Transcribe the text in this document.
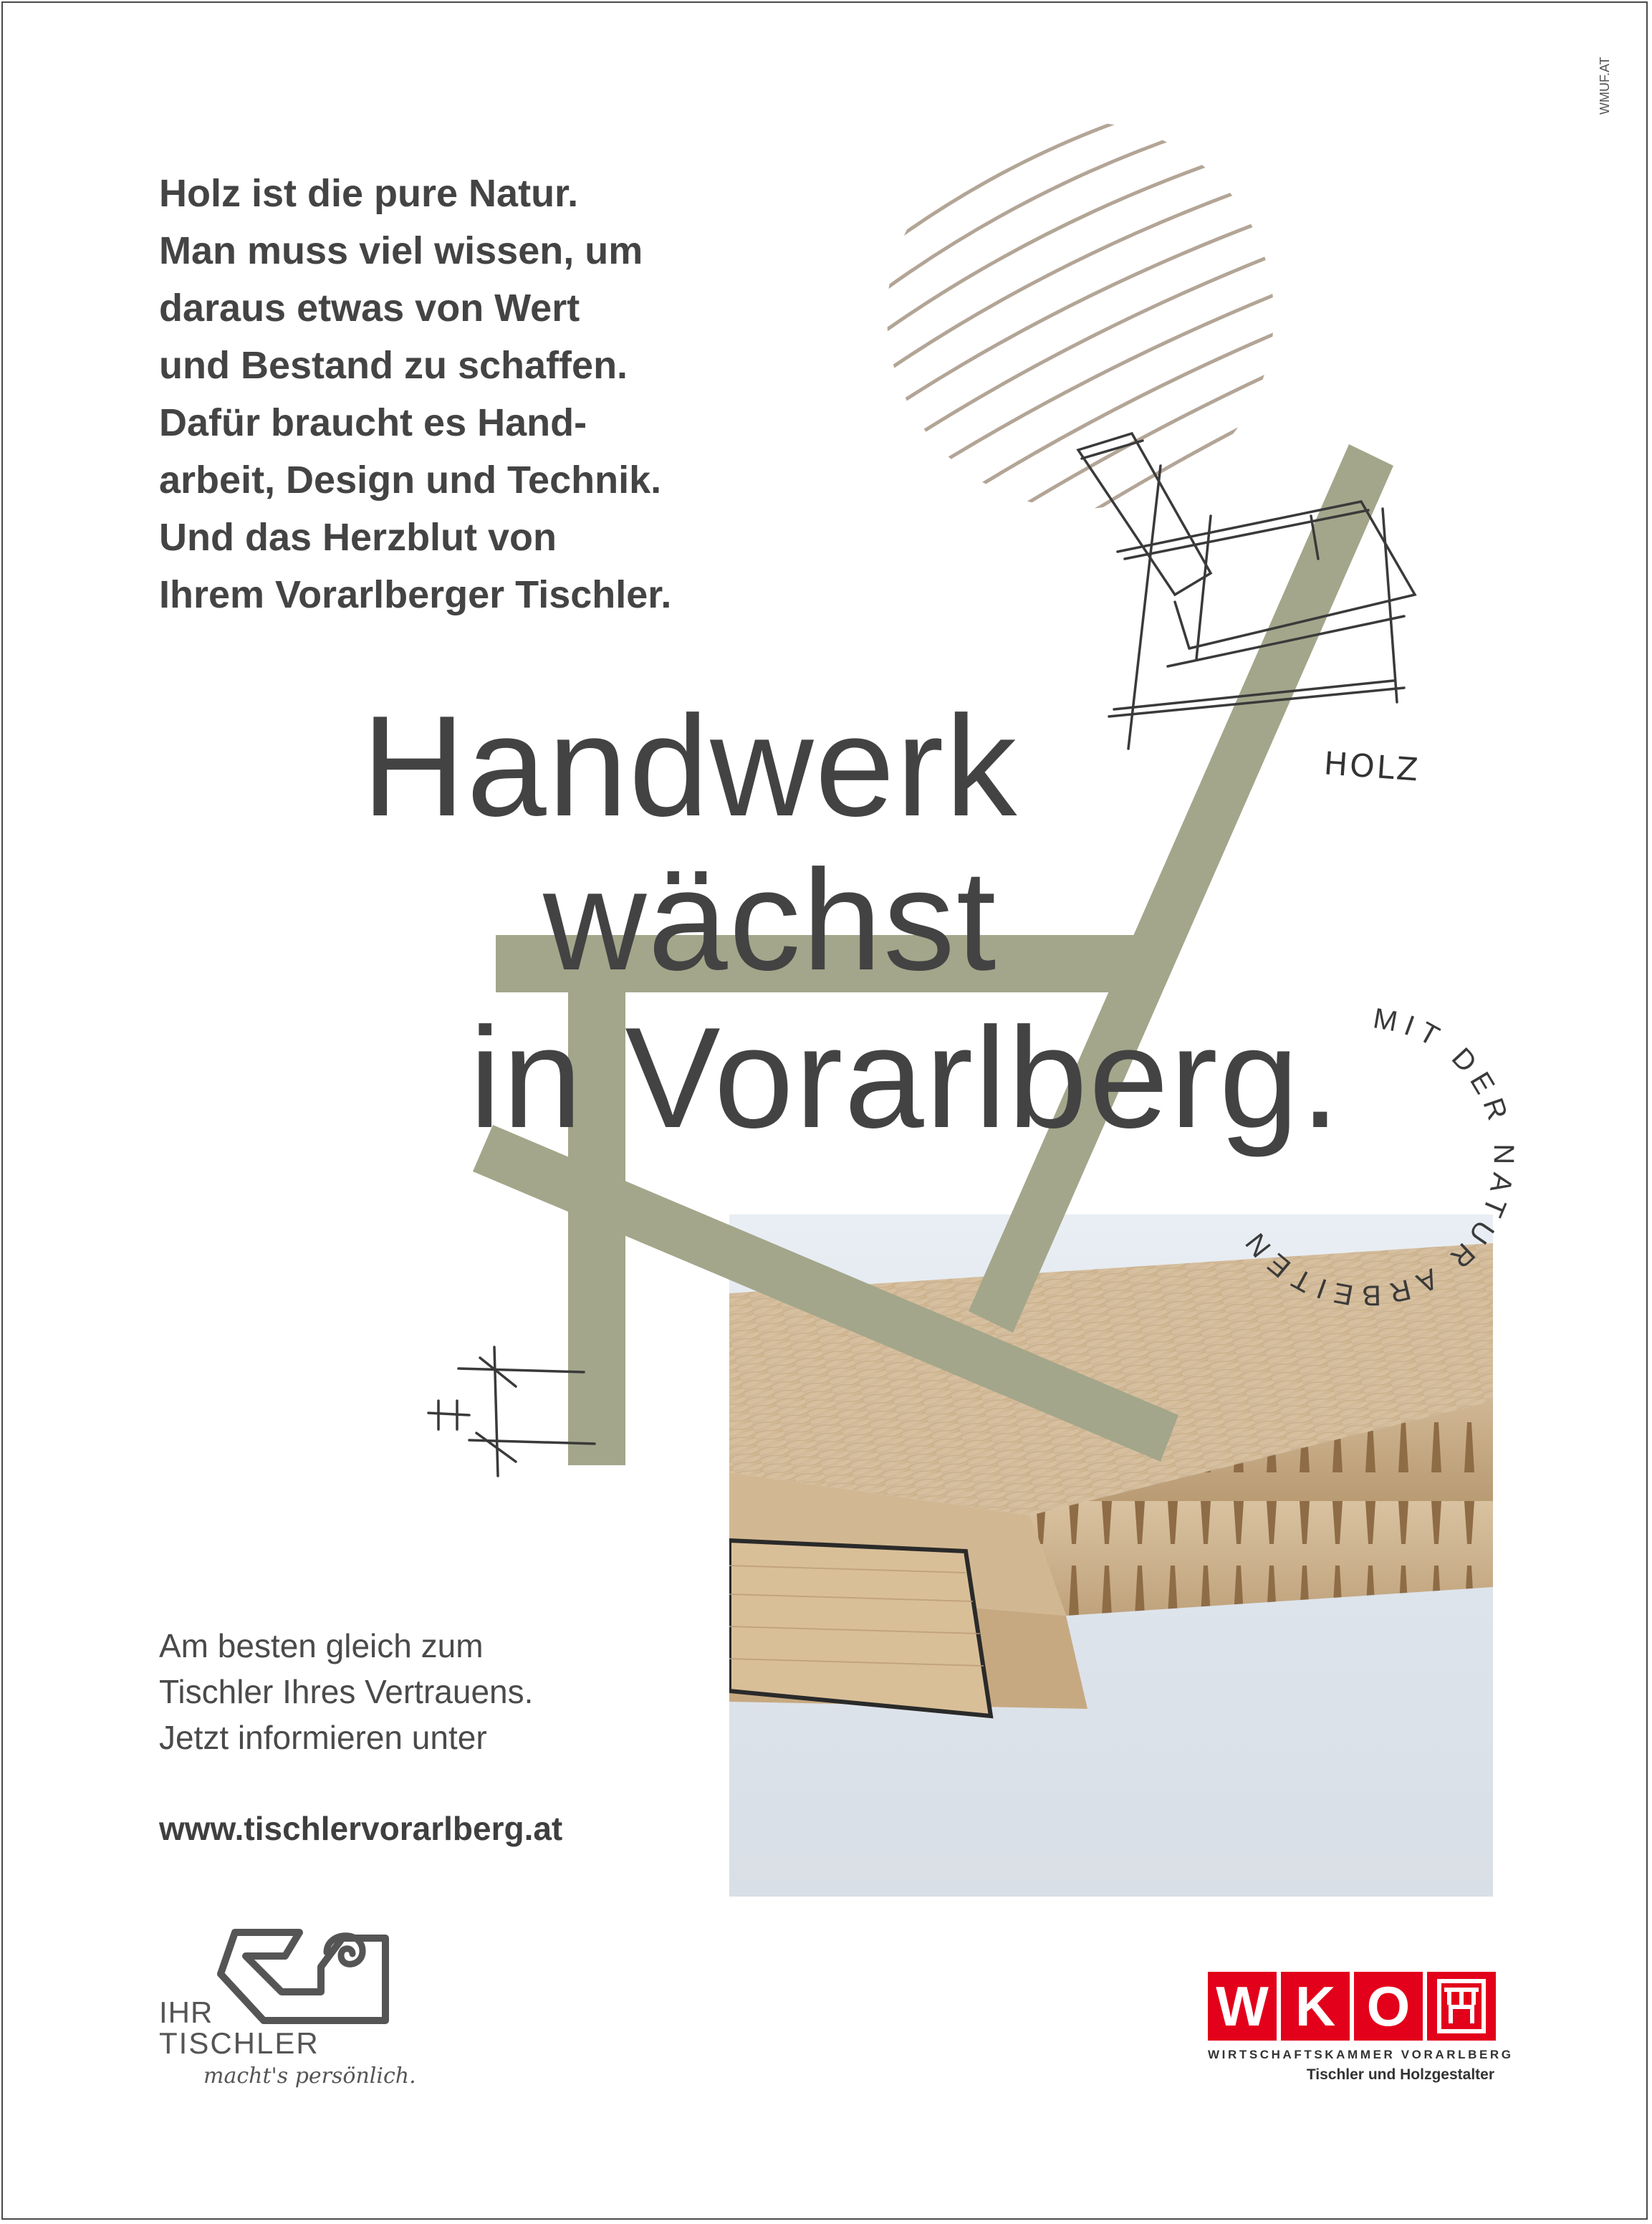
WMUF.AT

Holz ist die pure Natur.
Man muss viel wissen, um
daraus etwas von Wert
und Bestand zu schaffen.
Dafür braucht es Hand-
arbeit, Design und Technik.
Und das Herzblut von
Ihrem Vorarlberger Tischler.

MIT DER NATUR ARBEITEN
Handwerk
wächst
in Vorarlberg.
HOLZ
Am besten gleich zum
Tischler Ihres Vertrauens.
Jetzt informieren unter
www.tischlervorarlberg.at
IHR
TISCHLER
macht's persönlich.
W K O
WIRTSCHAFTSKAMMER VORARLBERG
Tischler und Holzgestalter
